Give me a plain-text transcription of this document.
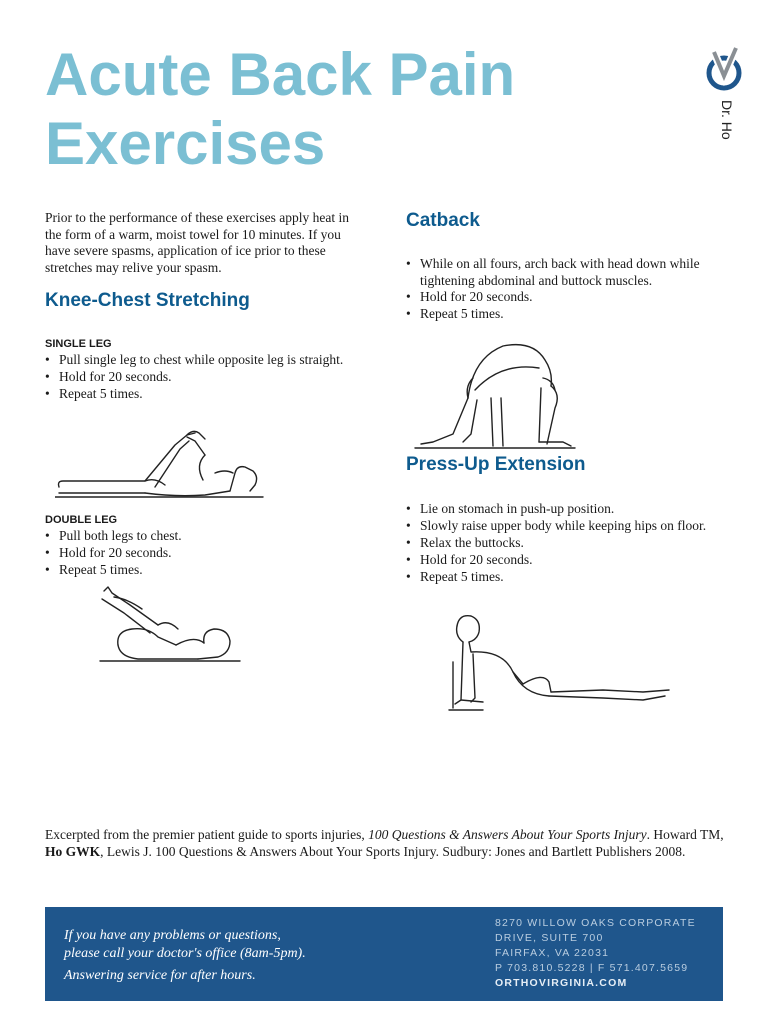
Acute Back Pain
Exercises	Dr. Ho

Prior to the performance of these exercises apply heat in the form of a warm, moist towel for 10 minutes. If you have severe spasms, application of ice prior to these stretches may relive your spasm.

Knee-Chest Stretching
SINGLE LEG
• Pull single leg to chest while opposite leg is straight.
• Hold for 20 seconds.
• Repeat 5 times.
DOUBLE LEG
• Pull both legs to chest.
• Hold for 20 seconds.
• Repeat 5 times.
Catback
• While on all fours, arch back with head down while tightening abdominal and buttock muscles.
• Hold for 20 seconds.
• Repeat 5 times.
Press-Up Extension
• Lie on stomach in push-up position.
• Slowly raise upper body while keeping hips on floor.
• Relax the buttocks.
• Hold for 20 seconds.
• Repeat 5 times.

Excerpted from the premier patient guide to sports injuries, 100 Questions & Answers About Your Sports Injury. Howard TM, Ho GWK, Lewis J. 100 Questions & Answers About Your Sports Injury. Sudbury: Jones and Bartlett Publishers 2008.

If you have any problems or questions,
please call your doctor's office (8am-5pm).
Answering service for after hours.
8270 WILLOW OAKS CORPORATE
DRIVE, SUITE 700
FAIRFAX, VA 22031
P 703.810.5228 | F 571.407.5659
ORTHOVIRGINIA.COM
